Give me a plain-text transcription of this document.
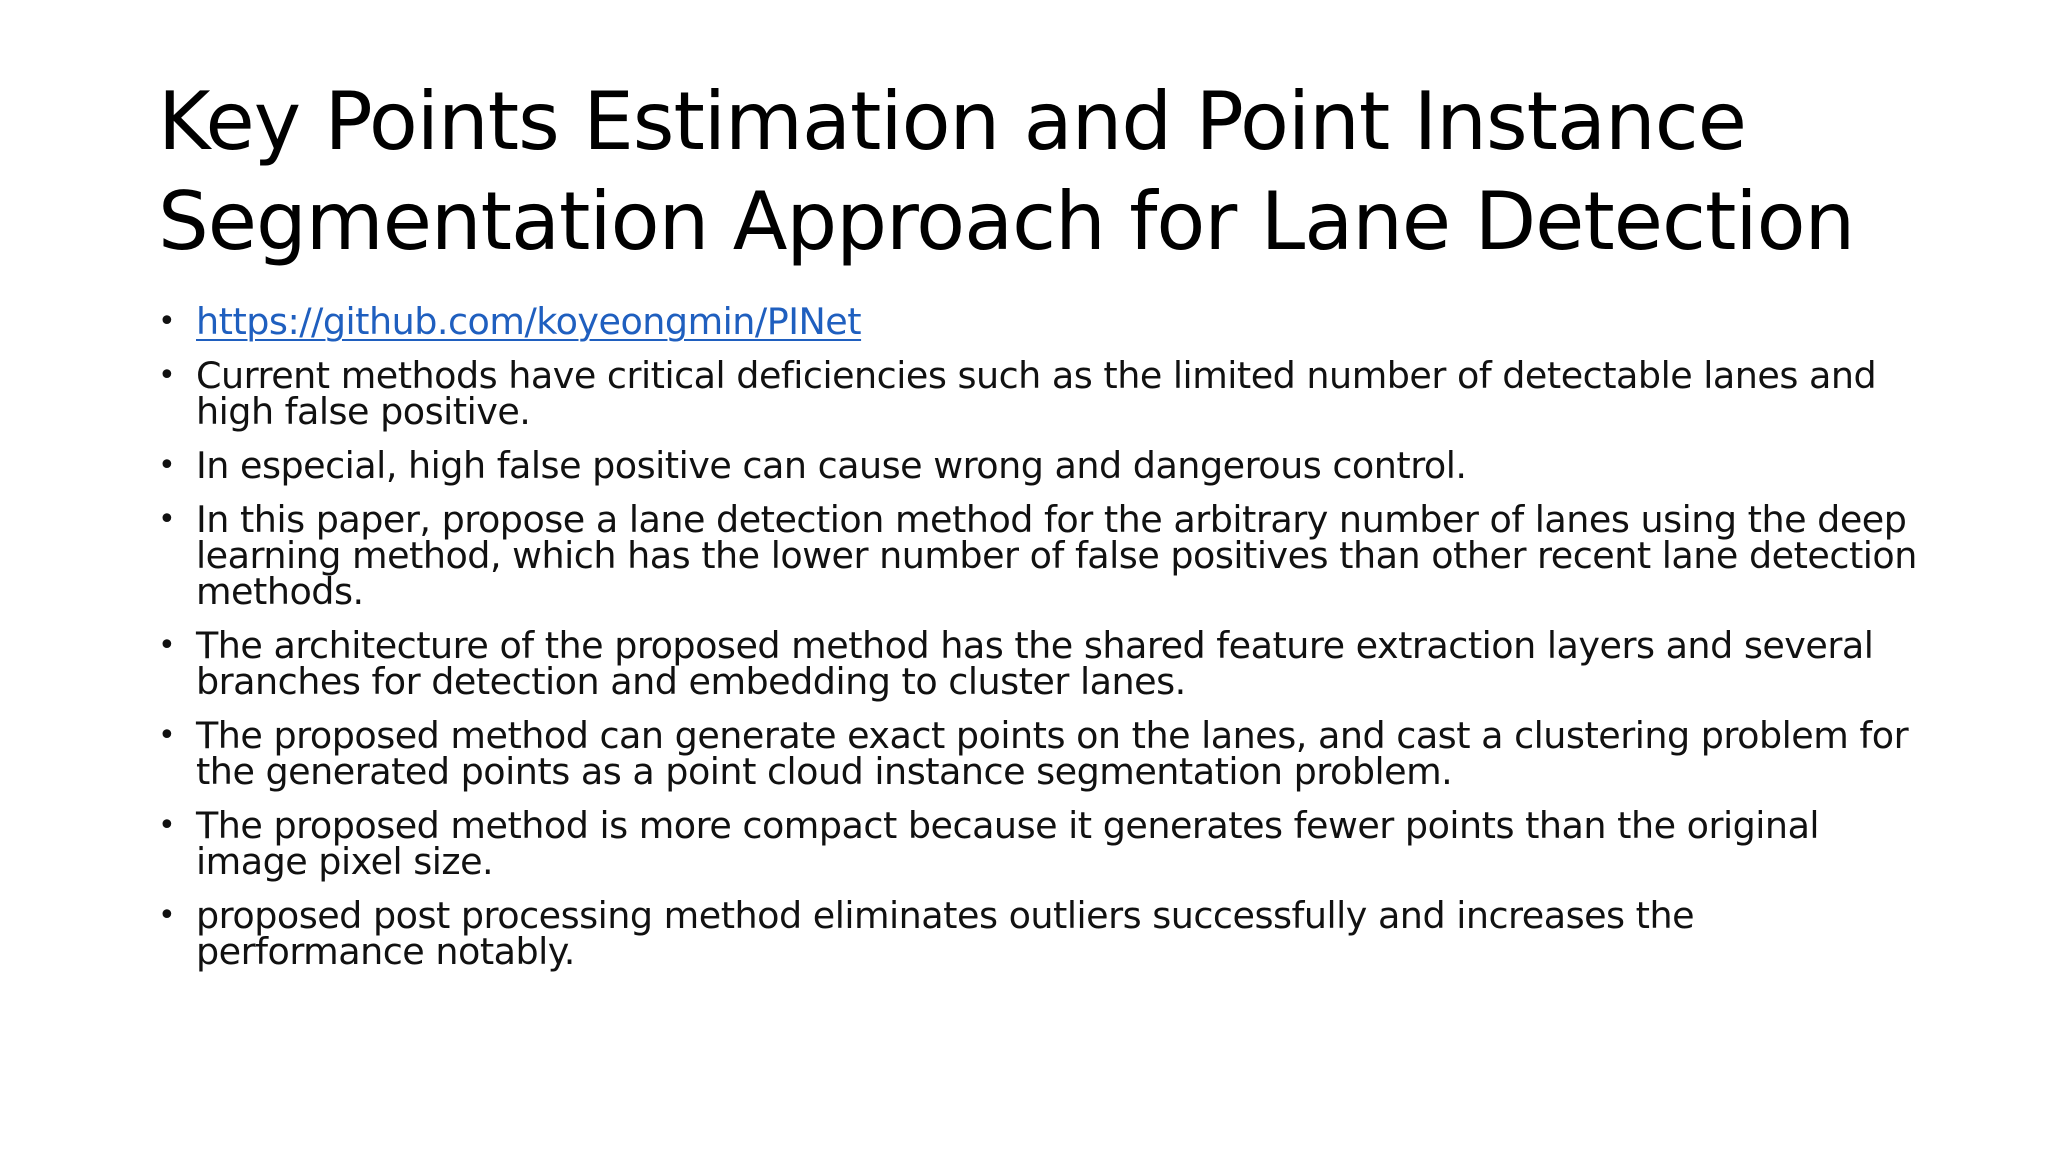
Key Points Estimation and Point Instance
Segmentation Approach for Lane Detection
• https://github.com/koyeongmin/PINet
• Current methods have critical deficiencies such as the limited number of detectable lanes and high false positive.
• In especial, high false positive can cause wrong and dangerous control.
• In this paper, propose a lane detection method for the arbitrary number of lanes using the deep learning method, which has the lower number of false positives than other recent lane detection methods.
• The architecture of the proposed method has the shared feature extraction layers and several branches for detection and embedding to cluster lanes.
• The proposed method can generate exact points on the lanes, and cast a clustering problem for the generated points as a point cloud instance segmentation problem.
• The proposed method is more compact because it generates fewer points than the original image pixel size.
• proposed post processing method eliminates outliers successfully and increases the performance notably.
